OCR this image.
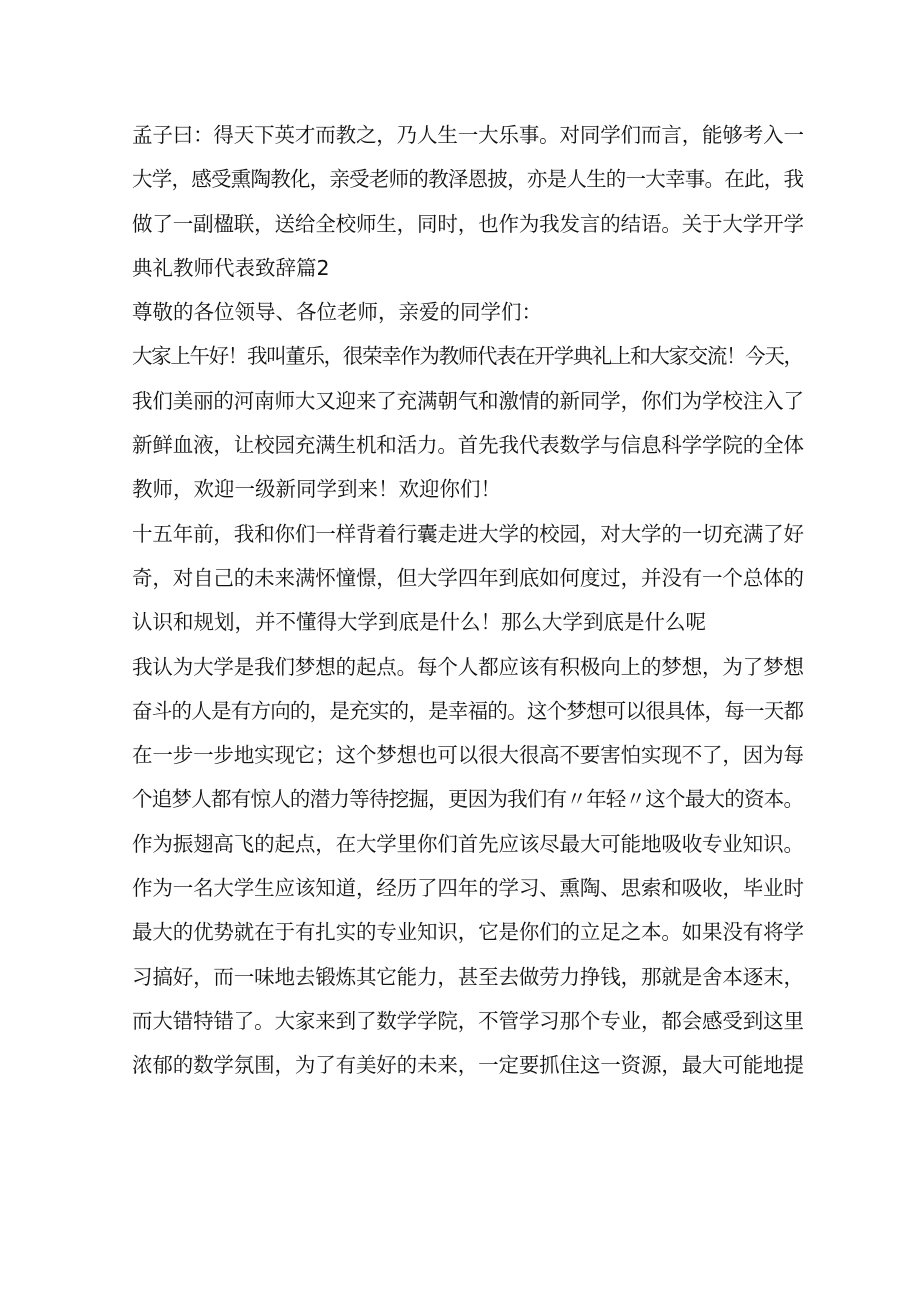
孟子曰：得天下英才而教之，乃人生一大乐事。对同学们而言，能够考入一
大学，感受熏陶教化，亲受老师的教泽恩披，亦是人生的一大幸事。在此，我
做了一副楹联，送给全校师生，同时，也作为我发言的结语。关于大学开学
典礼教师代表致辞篇2
尊敬的各位领导、各位老师，亲爱的同学们：
大家上午好！我叫董乐，很荣幸作为教师代表在开学典礼上和大家交流！今天，
我们美丽的河南师大又迎来了充满朝气和激情的新同学，你们为学校注入了
新鲜血液，让校园充满生机和活力。首先我代表数学与信息科学学院的全体
教师，欢迎一级新同学到来！欢迎你们！
十五年前，我和你们一样背着行囊走进大学的校园，对大学的一切充满了好
奇，对自己的未来满怀憧憬，但大学四年到底如何度过，并没有一个总体的
认识和规划，并不懂得大学到底是什么！那么大学到底是什么呢
我认为大学是我们梦想的起点。每个人都应该有积极向上的梦想，为了梦想
奋斗的人是有方向的，是充实的，是幸福的。这个梦想可以很具体，每一天都
在一步一步地实现它；这个梦想也可以很大很高不要害怕实现不了，因为每
个追梦人都有惊人的潜力等待挖掘，更因为我们有〃年轻〃这个最大的资本。
作为振翅高飞的起点，在大学里你们首先应该尽最大可能地吸收专业知识。
作为一名大学生应该知道，经历了四年的学习、熏陶、思索和吸收，毕业时
最大的优势就在于有扎实的专业知识，它是你们的立足之本。如果没有将学
习搞好，而一味地去锻炼其它能力，甚至去做劳力挣钱，那就是舍本逐末，
而大错特错了。大家来到了数学学院，不管学习那个专业，都会感受到这里
浓郁的数学氛围，为了有美好的未来，一定要抓住这一资源，最大可能地提
